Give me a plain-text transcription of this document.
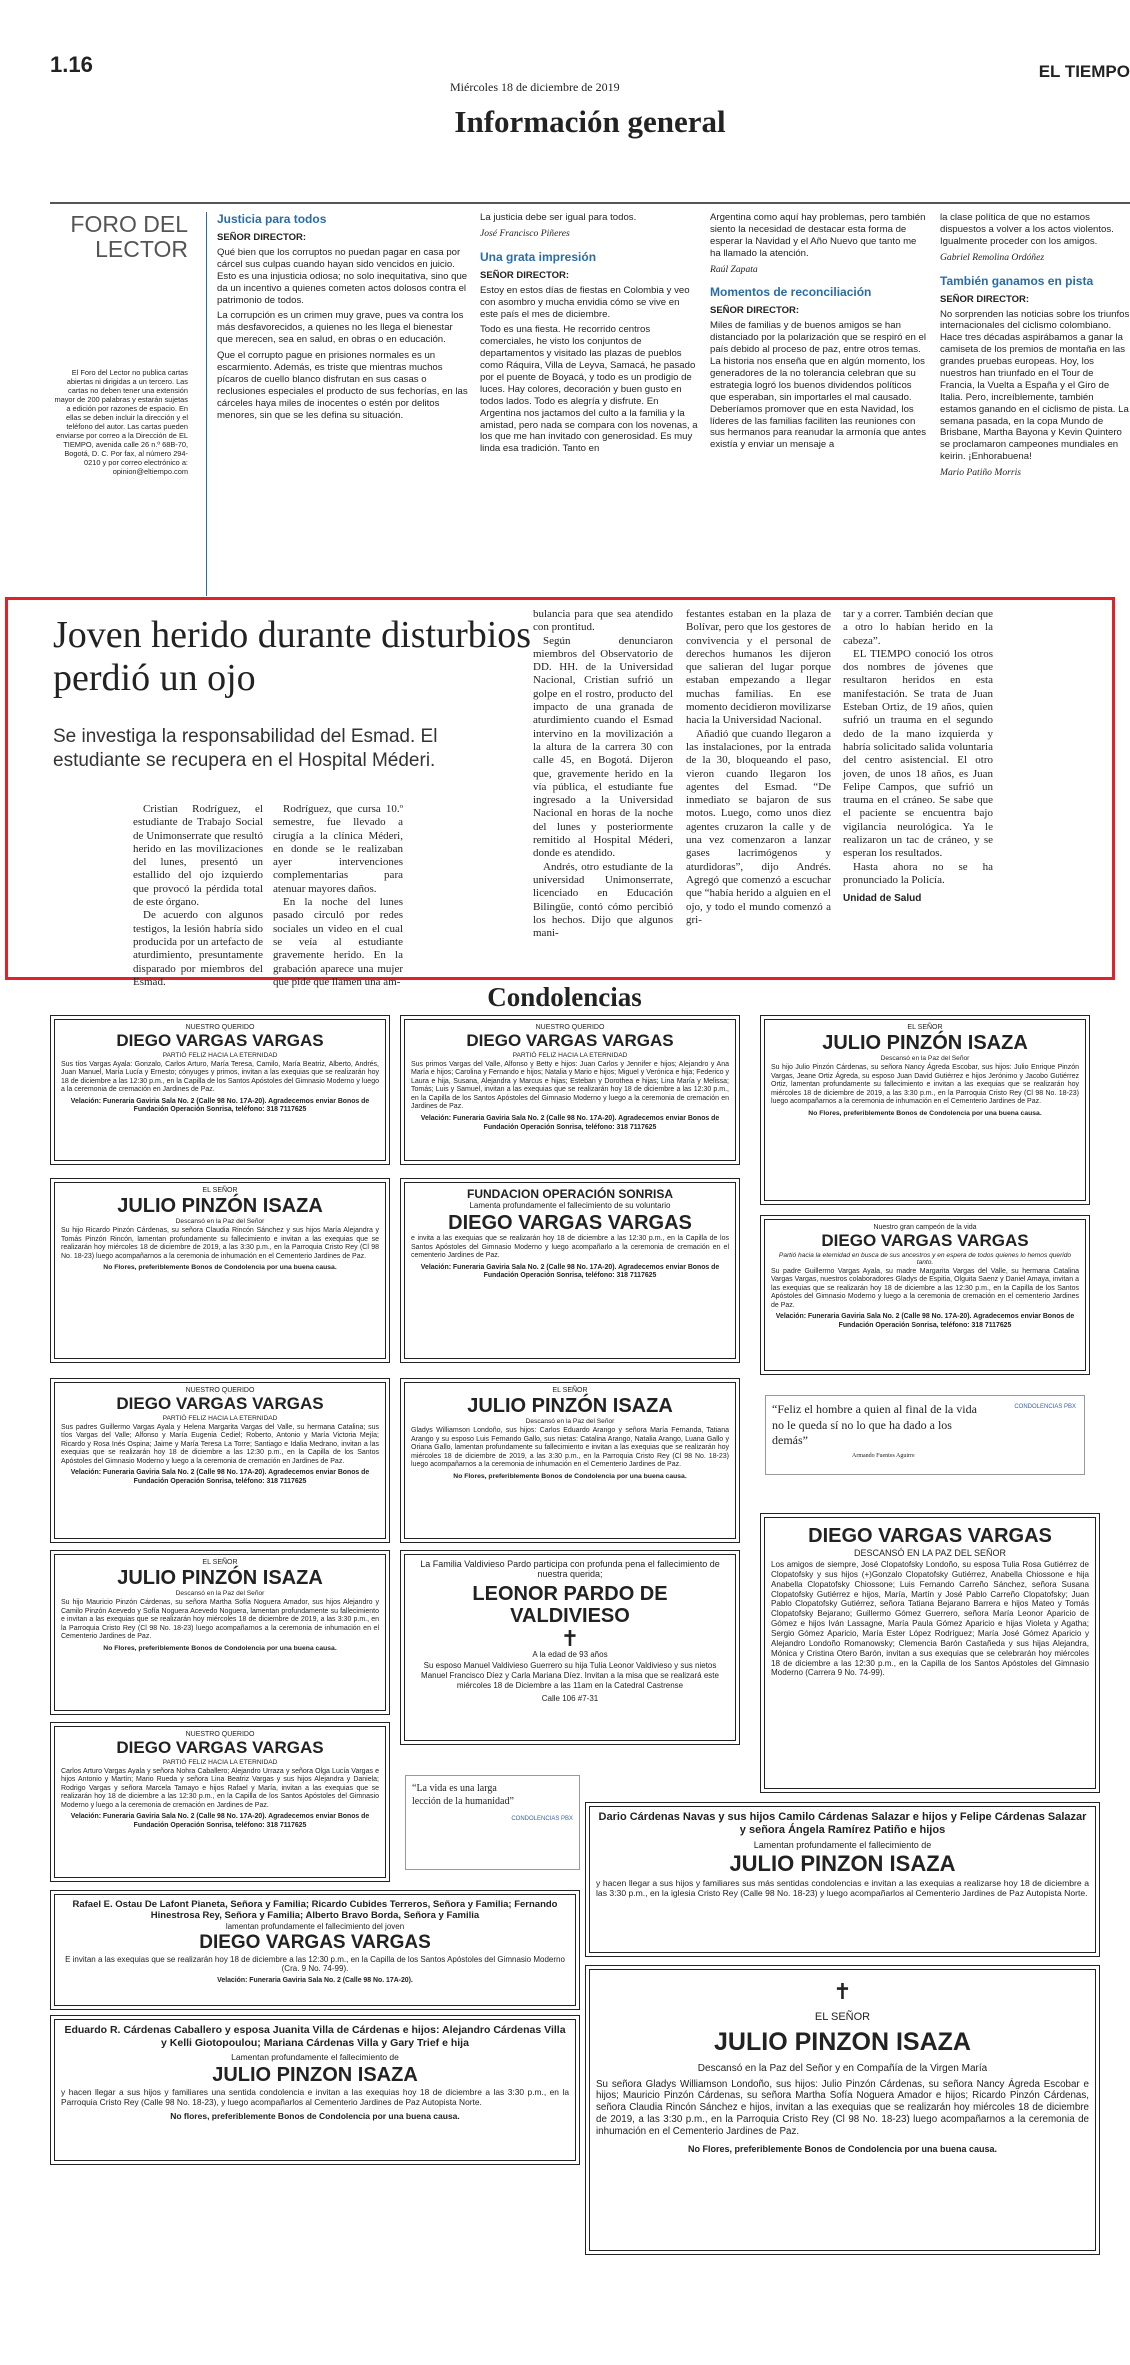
1.16
Miércoles 18 de diciembre de 2019
EL TIEMPO
Información general
FORO DEL LECTOR
El Foro del Lector no publica cartas abiertas ni dirigidas a un tercero. Las cartas no deben tener una extensión mayor de 200 palabras y estarán sujetas a edición por razones de espacio. En ellas se deben incluir la dirección y el teléfono del autor. Las cartas pueden enviarse por correo a la Dirección de EL TIEMPO, avenida calle 26 n.º 68B-70, Bogotá, D. C. Por fax, al número 294-0210 y por correo electrónico a: opinion@eltiempo.com
Justicia para todos
SEÑOR DIRECTOR:

Qué bien que los corruptos no puedan pagar en casa por cárcel sus culpas cuando hayan sido vencidos en juicio. Esto es una injusticia odiosa; no solo inequitativa, sino que da un incentivo a quienes cometen actos dolosos contra el patrimonio de todos.

La corrupción es un crimen muy grave, pues va contra los más desfavorecidos, a quienes no les llega el bienestar que merecen, sea en salud, en obras o en educación.

Que el corrupto pague en prisiones normales es un escarmiento. Además, es triste que mientras muchos pícaros de cuello blanco disfrutan en sus casas o reclusiones especiales el producto de sus fechorías, en las cárceles haya miles de inocentes o estén por delitos menores, sin que se les defina su situación.

La justicia debe ser igual para todos.

José Francisco Piñeres
Una grata impresión
SEÑOR DIRECTOR:

Estoy en estos días de fiestas en Colombia y veo con asombro y mucha envidia cómo se vive en este país el mes de diciembre.

Todo es una fiesta. He recorrido centros comerciales, he visto los conjuntos de departamentos y visitado las plazas de pueblos como Ráquira, Villa de Leyva, Samacá, he pasado por el puente de Boyacá, y todo es un prodigio de luces. Hay colores, decoración y buen gusto en todos lados. Todo es alegría y disfrute. En Argentina nos jactamos del culto a la familia y la amistad, pero nada se compara con los novenas, a los que me han invitado con generosidad. Es muy linda esa tradición. Tanto en

Argentina como aquí hay problemas, pero también siento la necesidad de destacar esta forma de esperar la Navidad y el Año Nuevo que tanto me ha llamado la atención.

Raúl Zapata
Momentos de reconciliación
SEÑOR DIRECTOR:

Miles de familias y de buenos amigos se han distanciado por la polarización que se respiró en el país debido al proceso de paz, entre otros temas. La historia nos enseña que en algún momento, los generadores de la no tolerancia celebran que su estrategia logró los buenos dividendos políticos que esperaban, sin importarles el mal causado. Deberíamos promover que en esta Navidad, los líderes de las familias faciliten las reuniones con sus hermanos para reanudar la armonía que antes existía y enviar un mensaje a

la clase política de que no estamos dispuestos a volver a los actos violentos. Igualmente proceder con los amigos.

Gabriel Remolina Ordóñez
También ganamos en pista
SEÑOR DIRECTOR:

No sorprenden las noticias sobre los triunfos internacionales del ciclismo colombiano. Hace tres décadas aspirábamos a ganar la camiseta de los premios de montaña en las grandes pruebas europeas. Hoy, los nuestros han triunfado en el Tour de Francia, la Vuelta a España y el Giro de Italia. Pero, increíblemente, también estamos ganando en el ciclismo de pista. La semana pasada, en la copa Mundo de Brisbane, Martha Bayona y Kevin Quintero se proclamaron campeones mundiales en keirin. ¡Enhorabuena!

Mario Patiño Morris
Joven herido durante disturbios perdió un ojo
Se investiga la responsabilidad del Esmad. El estudiante se recupera en el Hospital Méderi.

Cristian Rodríguez, el estudiante de Trabajo Social de Unimonserrate que resultó herido en las movilizaciones del lunes, presentó un estallido del ojo izquierdo que provocó la pérdida total de este órgano.

De acuerdo con algunos testigos, la lesión habría sido producida por un artefacto de aturdimiento, presuntamente disparado por miembros del Esmad.

Rodríguez, que cursa 10.º semestre, fue llevado a cirugía a la clínica Méderi, en donde se le realizaban ayer intervenciones complementarias para atenuar mayores daños.

En la noche del lunes pasado circuló por redes sociales un video en el cual se veía al estudiante gravemente herido. En la grabación aparece una mujer que pide que llamen una am-

bulancia para que sea atendido con prontitud.

Según denunciaron miembros del Observatorio de DD. HH. de la Universidad Nacional, Cristian sufrió un golpe en el rostro, producto del impacto de una granada de aturdimiento cuando el Esmad intervino en la movilización a la altura de la carrera 30 con calle 45, en Bogotá. Dijeron que, gravemente herido en la vía pública, el estudiante fue ingresado a la Universidad Nacional en horas de la noche del lunes y posteriormente remitido al Hospital Méderi, donde es atendido.

Andrés, otro estudiante de la universidad Unimonserrate, licenciado en Educación Bilingüe, contó cómo percibió los hechos. Dijo que algunos mani-

festantes estaban en la plaza de Bolívar, pero que los gestores de convivencia y el personal de derechos humanos les dijeron que salieran del lugar porque estaban empezando a llegar muchas familias. En ese momento decidieron movilizarse hacia la Universidad Nacional.

Añadió que cuando llegaron a las instalaciones, por la entrada de la 30, bloqueando el paso, vieron cuando llegaron los agentes del Esmad. “De inmediato se bajaron de sus motos. Luego, como unos diez agentes cruzaron la calle y de una vez comenzaron a lanzar gases lacrimógenos y aturdidoras”, dijo Andrés. Agregó que comenzó a escuchar que “había herido a alguien en el ojo, y todo el mundo comenzó a gri-

tar y a correr. También decían que a otro lo habían herido en la cabeza”.

EL TIEMPO conoció los otros dos nombres de jóvenes que resultaron heridos en esta manifestación. Se trata de Juan Esteban Ortiz, de 19 años, quien sufrió un trauma en el segundo dedo de la mano izquierda y habría solicitado salida voluntaria del centro asistencial. El otro joven, de unos 18 años, es Juan Felipe Campos, que sufrió un trauma en el cráneo. Se sabe que el paciente se encuentra bajo vigilancia neurológica. Ya le realizaron un tac de cráneo, y se esperan los resultados.

Hasta ahora no se ha pronunciado la Policía.

Unidad de Salud

Condolencias
NUESTRO QUERIDO
DIEGO VARGAS VARGAS
PARTIÓ FELIZ HACIA LA ETERNIDAD
Sus tíos Vargas Ayala: Gonzalo, Carlos Arturo, María Teresa, Camilo, María Beatriz, Alberto, Andrés, Juan Manuel, María Lucía y Ernesto; cónyuges y primos, invitan a las exequias que se realizarán hoy 18 de diciembre a las 12:30 p.m., en la Capilla de los Santos Apóstoles del Gimnasio Moderno y luego a la ceremonia de cremación en Jardines de Paz.
Velación: Funeraria Gaviria Sala No. 2 (Calle 98 No. 17A-20). Agradecemos enviar Bonos de Fundación Operación Sonrisa, teléfono: 318 7117625
NUESTRO QUERIDO
DIEGO VARGAS VARGAS
PARTIÓ FELIZ HACIA LA ETERNIDAD
Sus primos Vargas del Valle, Alfonso y Betty e hijos: Juan Carlos y Jennifer e hijos; Alejandro y Ana María e hijos; Carolina y Fernando e hijos; Natalia y Mario e hijos; Miguel y Verónica e hija; Federico y Laura e hija, Susana, Alejandra y Marcus e hijas; Esteban y Dorothea e hijas; Lina María y Melissa; Tomás; Luis y Samuel, invitan a las exequias que se realizarán hoy 18 de diciembre a las 12:30 p.m., en la Capilla de los Santos Apóstoles del Gimnasio Moderno y luego a la ceremonia de cremación en Jardines de Paz.
Velación: Funeraria Gaviria Sala No. 2 (Calle 98 No. 17A-20). Agradecemos enviar Bonos de Fundación Operación Sonrisa, teléfono: 318 7117625
EL SEÑOR
JULIO PINZÓN ISAZA
Descansó en la Paz del Señor
Su hijo Julio Pinzón Cárdenas, su señora Nancy Ágreda Escobar, sus hijos: Julio Enrique Pinzón Vargas, Jeane Ortiz Ágreda, su esposo Juan David Gutiérrez e hijos Jerónimo y Jacobo Gutiérrez Ortiz, lamentan profundamente su fallecimiento e invitan a las exequias que se realizarán hoy miércoles 18 de diciembre de 2019, a las 3:30 p.m., en la Parroquia Cristo Rey (Cl 98 No. 18-23) luego acompañarnos a la ceremonia de inhumación en el Cementerio Jardines de Paz.
No Flores, preferiblemente Bonos de Condolencia por una buena causa.
EL SEÑOR
JULIO PINZÓN ISAZA
Descansó en la Paz del Señor
Su hijo Ricardo Pinzón Cárdenas, su señora Claudia Rincón Sánchez y sus hijos María Alejandra y Tomás Pinzón Rincón, lamentan profundamente su fallecimiento e invitan a las exequias que se realizarán hoy miércoles 18 de diciembre de 2019, a las 3:30 p.m., en la Parroquia Cristo Rey (Cl 98 No. 18-23) luego acompañarnos a la ceremonia de inhumación en el Cementerio Jardines de Paz.
No Flores, preferiblemente Bonos de Condolencia por una buena causa.
FUNDACION OPERACIÓN SONRISA
Lamenta profundamente el fallecimiento de su voluntario
DIEGO VARGAS VARGAS
e invita a las exequias que se realizarán hoy 18 de diciembre a las 12:30 p.m., en la Capilla de los Santos Apóstoles del Gimnasio Moderno y luego acompañarlo a la ceremonia de cremación en el cementerio Jardines de Paz.
Velación: Funeraria Gaviria Sala No. 2 (Calle 98 No. 17A-20). Agradecemos enviar Bonos de Fundación Operación Sonrisa, teléfono: 318 7117625
Nuestro gran campeón de la vida
DIEGO VARGAS VARGAS
Partió hacia la eternidad en busca de sus ancestros y en espera de todos quienes lo hemos querido tanto.
Su padre Guillermo Vargas Ayala, su madre Margarita Vargas del Valle, su hermana Catalina Vargas Vargas, nuestros colaboradores Gladys de Espitia, Olguita Saenz y Daniel Amaya, invitan a las exequias que se realizarán hoy 18 de diciembre a las 12:30 p.m., en la Capilla de los Santos Apóstoles del Gimnasio Moderno y luego a la ceremonia de cremación en el cementerio Jardines de Paz.
Velación: Funeraria Gaviria Sala No. 2 (Calle 98 No. 17A-20). Agradecemos enviar Bonos de Fundación Operación Sonrisa, teléfono: 318 7117625
NUESTRO QUERIDO
DIEGO VARGAS VARGAS
PARTIÓ FELIZ HACIA LA ETERNIDAD
Sus padres Guillermo Vargas Ayala y Helena Margarita Vargas del Valle, su hermana Catalina; sus tíos Vargas del Valle; Alfonso y María Eugenia Cediel; Roberto, Antonio y María Victoria Mejía; Ricardo y Rosa Inés Ospina; Jaime y María Teresa La Torre; Santiago e Idalia Medrano, invitan a las exequias que se realizarán hoy 18 de diciembre a las 12:30 p.m., en la Capilla de los Santos Apóstoles del Gimnasio Moderno y luego a la ceremonia de cremación en Jardines de Paz.
Velación: Funeraria Gaviria Sala No. 2 (Calle 98 No. 17A-20). Agradecemos enviar Bonos de Fundación Operación Sonrisa, teléfono: 318 7117625
EL SEÑOR
JULIO PINZÓN ISAZA
Descansó en la Paz del Señor
Gladys Williamson Londoño, sus hijos: Carlos Eduardo Arango y señora María Fernanda, Tatiana Arango y su esposo Luis Fernando Gallo, sus nietas: Catalina Arango, Natalia Arango, Luana Gallo y Oriana Gallo, lamentan profundamente su fallecimiento e invitan a las exequias que se realizarán hoy miércoles 18 de diciembre de 2019, a las 3:30 p.m., en la Parroquia Cristo Rey (Cl 98 No. 18-23) luego acompañarnos a la ceremonia de inhumación en el Cementerio Jardines de Paz.
No Flores, preferiblemente Bonos de Condolencia por una buena causa.
“Feliz el hombre a quien al final de la vida no le queda sí no lo que ha dado a los demás”
Armando Fuentes Aguirre
CONDOLENCIAS PBX
EL SEÑOR
JULIO PINZÓN ISAZA
Descansó en la Paz del Señor
Su hijo Mauricio Pinzón Cárdenas, su señora Martha Sofía Noguera Amador, sus hijos Alejandro y Camilo Pinzón Acevedo y Sofía Noguera Acevedo Noguera, lamentan profundamente su fallecimiento e invitan a las exequias que se realizarán hoy miércoles 18 de diciembre de 2019, a las 3:30 p.m., en la Parroquia Cristo Rey (Cl 98 No. 18-23) luego acompañarnos a la ceremonia de inhumación en el Cementerio Jardines de Paz.
No Flores, preferiblemente Bonos de Condolencia por una buena causa.
La Familia Valdivieso Pardo participa con profunda pena el fallecimiento de nuestra querida;
LEONOR PARDO DE VALDIVIESO
✝
A la edad de 93 años
Su esposo Manuel Valdivieso Guerrero su hija Tulia Leonor Valdivieso y sus nietos Manuel Francisco Díez y Carla Mariana Díez. Invitan a la misa que se realizará este miércoles 18 de Diciembre a las 11am en la Catedral Castrense
Calle 106 #7-31
DIEGO VARGAS VARGAS
DESCANSÓ EN LA PAZ DEL SEÑOR
Los amigos de siempre, José Clopatofsky Londoño, su esposa Tulia Rosa Gutiérrez de Clopatofsky y sus hijos (+)Gonzalo Clopatofsky Gutiérrez, Anabella Chiossone e hija Anabella Clopatofsky Chiossone; Luis Fernando Carreño Sánchez, señora Susana Clopatofsky Gutiérrez e hijos, María, Martín y José Pablo Carreño Clopatofsky; Juan Pablo Clopatofsky Gutiérrez, señora Tatiana Bejarano Barrera e hijos Mateo y Tomás Clopatofsky Bejarano; Guillermo Gómez Guerrero, señora María Leonor Aparicio de Gómez e hijos Iván Lassagne, María Paula Gómez Aparicio e hijas Violeta y Agatha; Sergio Gómez Aparicio, María Ester López Rodríguez; María José Gómez Aparicio y Alejandro Londoño Romanowsky; Clemencia Barón Castañeda y sus hijas Alejandra, Mónica y Cristina Otero Barón, invitan a sus exequias que se celebrarán hoy miércoles 18 de diciembre a las 12:30 p.m., en la Capilla de los Santos Apóstoles del Gimnasio Moderno (Carrera 9 No. 74-99).
NUESTRO QUERIDO
DIEGO VARGAS VARGAS
PARTIÓ FELIZ HACIA LA ETERNIDAD
Carlos Arturo Vargas Ayala y señora Nohra Caballero; Alejandro Urraza y señora Olga Lucía Vargas e hijos Antonio y Martín; Mario Rueda y señora Lina Beatriz Vargas y sus hijos Alejandra y Daniela; Rodrigo Vargas y señora Marcela Tamayo e hijos Rafael y María, invitan a las exequias que se realizarán hoy 18 de diciembre a las 12:30 p.m., en la Capilla de los Santos Apóstoles del Gimnasio Moderno y luego a la ceremonia de cremación en Jardines de Paz.
Velación: Funeraria Gaviria Sala No. 2 (Calle 98 No. 17A-20). Agradecemos enviar Bonos de Fundación Operación Sonrisa, teléfono: 318 7117625
“La vida es una larga lección de la humanidad”
CONDOLENCIAS PBX Dario Cárdenas Navas y sus hijos Camilo Cárdenas Salazar e hijos y Felipe Cárdenas Salazar y señora Ángela Ramírez Patiño e hijos
Lamentan profundamente el fallecimiento de
JULIO PINZON ISAZA
y hacen llegar a sus hijos y familiares sus más sentidas condolencias e invitan a las exequias a realizarse hoy 18 de diciembre a las 3:30 p.m., en la iglesia Cristo Rey (Calle 98 No. 18-23) y luego acompañarlos al Cementerio Jardines de Paz Autopista Norte.
Rafael E. Ostau De Lafont Pianeta, Señora y Familia; Ricardo Cubides Terreros, Señora y Familia; Fernando Hinestrosa Rey, Señora y Familia; Alberto Bravo Borda, Señora y Familia
lamentan profundamente el fallecimiento del joven
DIEGO VARGAS VARGAS
E invitan a las exequias que se realizarán hoy 18 de diciembre a las 12:30 p.m., en la Capilla de los Santos Apóstoles del Gimnasio Moderno (Cra. 9 No. 74-99).
Velación: Funeraria Gaviria Sala No. 2 (Calle 98 No. 17A-20).	✝
EL SEÑOR
JULIO PINZON ISAZA
Descansó en la Paz del Señor y en Compañía de la Virgen María
Su señora Gladys Williamson Londoño, sus hijos: Julio Pinzón Cárdenas, su señora Nancy Ágreda Escobar e hijos; Mauricio Pinzón Cárdenas, su señora Martha Sofía Noguera Amador e hijos; Ricardo Pinzón Cárdenas, señora Claudia Rincón Sánchez e hijos, invitan a las exequias que se realizarán hoy miércoles 18 de diciembre de 2019, a las 3:30 p.m., en la Parroquia Cristo Rey (Cl 98 No. 18-23) luego acompañarnos a la ceremonia de inhumación en el Cementerio Jardines de Paz.
No Flores, preferiblemente Bonos de Condolencia por una buena causa.
Eduardo R. Cárdenas Caballero y esposa Juanita Villa de Cárdenas e hijos: Alejandro Cárdenas Villa y Kelli Giotopoulou; Mariana Cárdenas Villa y Gary Trief e hija
Lamentan profundamente el fallecimiento de
JULIO PINZON ISAZA
y hacen llegar a sus hijos y familiares una sentida condolencia e invitan a las exequias hoy 18 de diciembre a las 3:30 p.m., en la Parroquia Cristo Rey (Calle 98 No. 18-23), y luego acompañarlos al Cementerio Jardines de Paz Autopista Norte.
No flores, preferiblemente Bonos de Condolencia por una buena causa.
